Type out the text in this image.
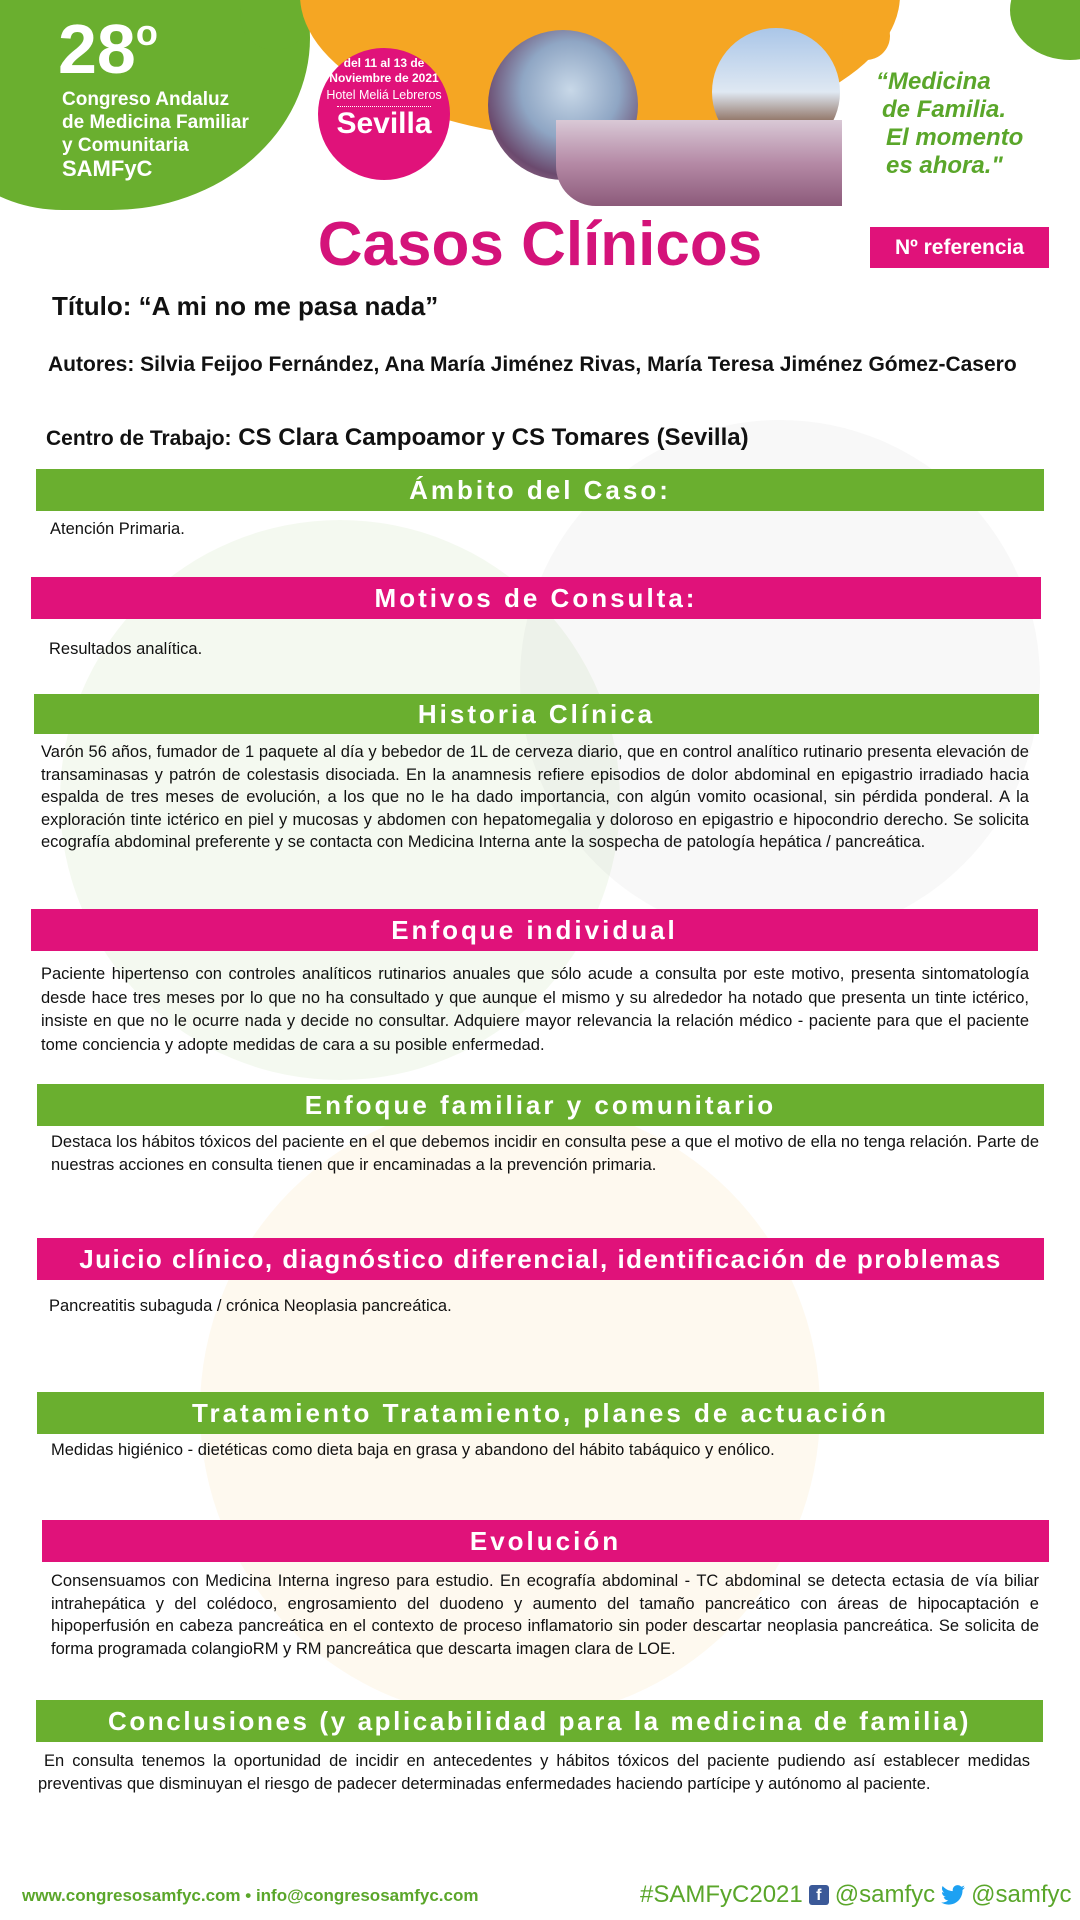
28$^o$
Congreso Andaluz
de Medicina Familiar
y Comunitaria
SAMFyC
del 11 al 13 de
Noviembre de 2021
Hotel Meliá Lebreros
Sevilla
“Medicina
de Familia.
El momento
es ahora."
Casos Clínicos	Nº referencia
Título: “A mi no me pasa nada”
Autores: Silvia Feijoo Fernández, Ana María Jiménez Rivas, María Teresa Jiménez Gómez-Casero
Centro de Trabajo: CS Clara Campoamor y CS Tomares (Sevilla)
Ámbito del Caso:
Atención Primaria.
Motivos de Consulta:
Resultados analítica.
Historia Clínica
Varón 56 años, fumador de 1 paquete al día y bebedor de 1L de cerveza diario, que en control analítico rutinario presenta elevación de transaminasas y patrón de colestasis disociada. En la anamnesis refiere episodios de dolor abdominal en epigastrio irradiado hacia espalda de tres meses de evolución, a los que no le ha dado importancia, con algún vomito ocasional, sin pérdida ponderal. A la exploración tinte ictérico en piel y mucosas y abdomen con hepatomegalia y doloroso en epigastrio e hipocondrio derecho. Se solicita ecografía abdominal preferente y se contacta con Medicina Interna ante la sospecha de patología hepática / pancreática.
Enfoque individual
Paciente hipertenso con controles analíticos rutinarios anuales que sólo acude a consulta por este motivo, presenta sintomatología desde hace tres meses por lo que no ha consultado y que aunque el mismo y su alrededor ha notado que presenta un tinte ictérico, insiste en que no le ocurre nada y decide no consultar. Adquiere mayor relevancia la relación médico - paciente para que el paciente tome conciencia y adopte medidas de cara a su posible enfermedad.
Enfoque familiar y comunitario
Destaca los hábitos tóxicos del paciente en el que debemos incidir en consulta pese a que el motivo de ella no tenga relación. Parte de nuestras acciones en consulta tienen que ir encaminadas a la prevención primaria.
Juicio clínico, diagnóstico diferencial, identificación de problemas
Pancreatitis subaguda / crónica Neoplasia pancreática.
Tratamiento Tratamiento, planes de actuación
Medidas higiénico - dietéticas como dieta baja en grasa y abandono del hábito tabáquico y enólico.
Evolución
Consensuamos con Medicina Interna ingreso para estudio. En ecografía abdominal - TC abdominal se detecta ectasia de vía biliar intrahepática y del colédoco, engrosamiento del duodeno y aumento del tamaño pancreático con áreas de hipocaptación e hipoperfusión en cabeza pancreática en el contexto de proceso inflamatorio sin poder descartar neoplasia pancreática. Se solicita de forma programada colangioRM y RM pancreática que descarta imagen clara de LOE.
Conclusiones (y aplicabilidad para la medicina de familia)
En consulta tenemos la oportunidad de incidir en antecedentes y hábitos tóxicos del paciente pudiendo así establecer medidas preventivas que disminuyan el riesgo de padecer determinadas enfermedades haciendo partícipe y autónomo al paciente.
www.congresosamfyc.com • info@congresosamfyc.com	#SAMFyC2021 f @samfyc @samfyc
